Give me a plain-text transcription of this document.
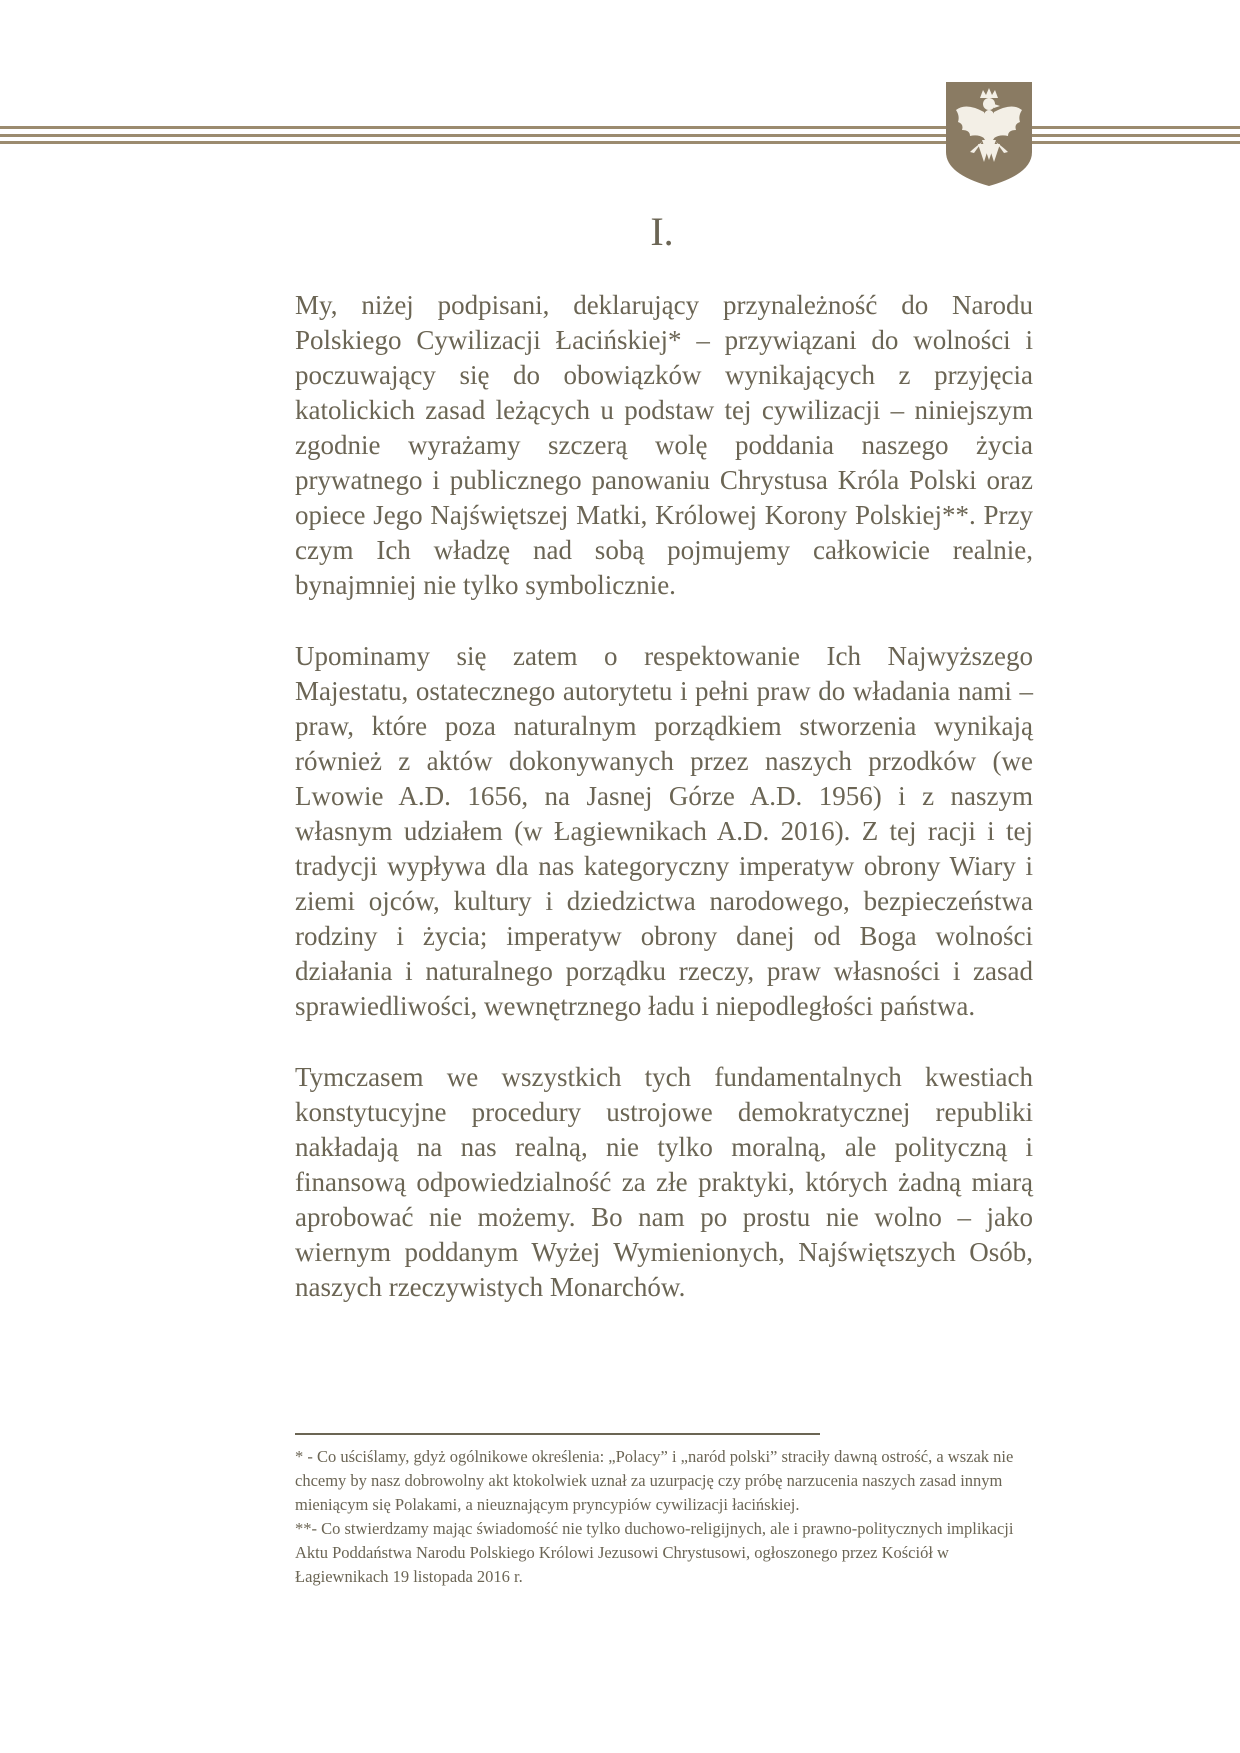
I.

My, niżej podpisani, deklarujący przynależność do Narodu Polskiego Cywilizacji Łacińskiej* – przywiązani do wolności i poczuwający się do obowiązków wynikających z przyjęcia katolickich zasad leżących u podstaw tej cywilizacji – niniejszym zgodnie wyrażamy szczerą wolę poddania naszego życia prywatnego i publicznego panowaniu Chrystusa Króla Polski oraz opiece Jego Najświętszej Matki, Królowej Korony Polskiej**. Przy czym Ich władzę nad sobą pojmujemy całkowicie realnie, bynajmniej nie tylko symbolicznie.

Upominamy się zatem o respektowanie Ich Najwyższego Majestatu, ostatecznego autorytetu i pełni praw do władania nami – praw, które poza naturalnym porządkiem stworzenia wynikają również z aktów dokonywanych przez naszych przodków (we Lwowie A.D. 1656, na Jasnej Górze A.D. 1956) i z naszym własnym udziałem (w Łagiewnikach A.D. 2016). Z tej racji i tej tradycji wypływa dla nas kategoryczny imperatyw obrony Wiary i ziemi ojców, kultury i dziedzictwa narodowego, bezpieczeństwa rodziny i życia; imperatyw obrony danej od Boga wolności działania i naturalnego porządku rzeczy, praw własności i zasad sprawiedliwości, wewnętrznego ładu i niepodległości państwa.

Tymczasem we wszystkich tych fundamentalnych kwestiach konstytucyjne procedury ustrojowe demokratycznej republiki nakładają na nas realną, nie tylko moralną, ale polityczną i finansową odpowiedzialność za złe praktyki, których żadną miarą aprobować nie możemy. Bo nam po prostu nie wolno – jako wiernym poddanym Wyżej Wymienionych, Najświętszych Osób, naszych rzeczywistych Monarchów.

* - Co uściślamy, gdyż ogólnikowe określenia: „Polacy” i „naród polski” straciły dawną ostrość, a wszak nie chcemy by nasz dobrowolny akt ktokolwiek uznał za uzurpację czy próbę narzucenia naszych zasad innym mieniącym się Polakami, a nieuznającym pryncypiów cywilizacji łacińskiej.

**- Co stwierdzamy mając świadomość nie tylko duchowo-religijnych, ale i prawno-politycznych implikacji Aktu Poddaństwa Narodu Polskiego Królowi Jezusowi Chrystusowi, ogłoszonego przez Kościół w Łagiewnikach 19 listopada 2016 r.
